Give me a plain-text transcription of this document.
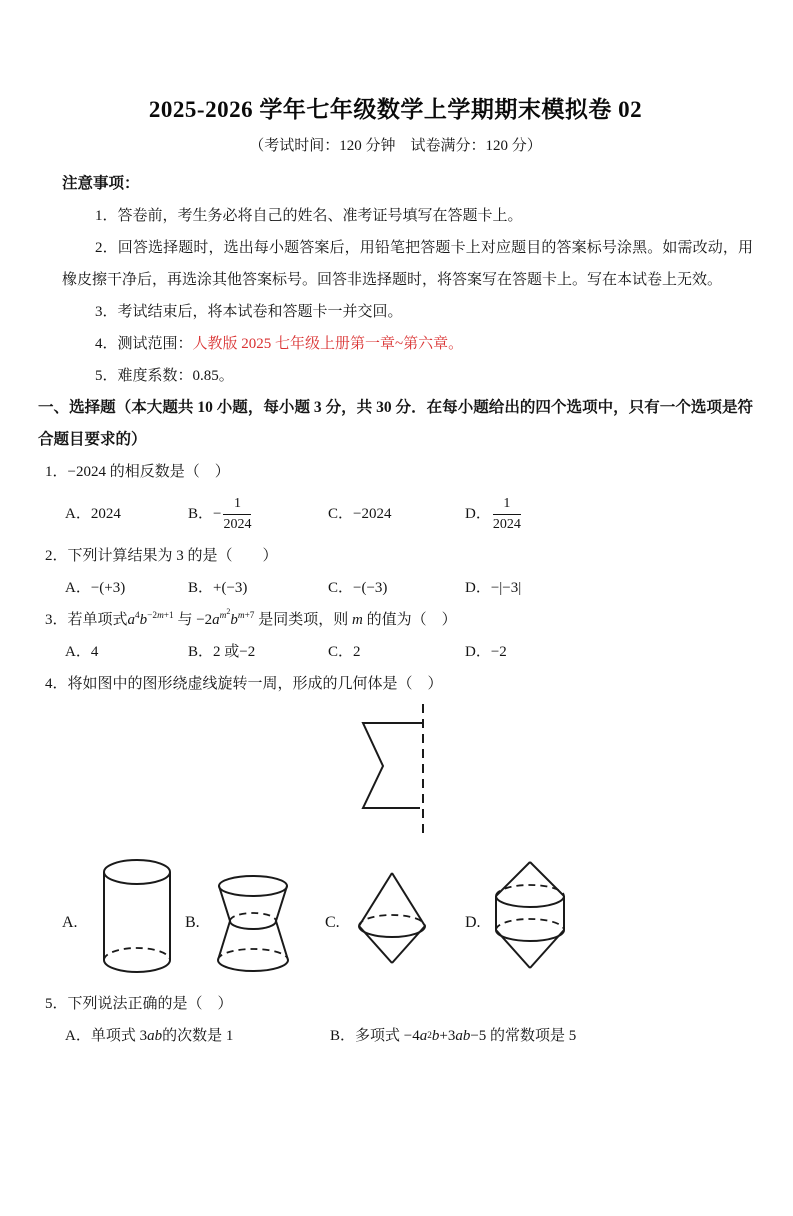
2025-2026 学年七年级数学上学期期末模拟卷 02
（考试时间：120 分钟　试卷满分：120 分）
注意事项：

1．答卷前，考生务必将自己的姓名、准考证号填写在答题卡上。

2．回答选择题时，选出每小题答案后，用铅笔把答题卡上对应题目的答案标号涂黑。如需改动，用橡皮擦干净后，再选涂其他答案标号。回答非选择题时，将答案写在答题卡上。写在本试卷上无效。

3．考试结束后，将本试卷和答题卡一并交回。

4．测试范围：人教版 2025 七年级上册第一章~第六章。

5．难度系数：0.85。

一、选择题（本大题共 10 小题，每小题 3 分，共 30 分．在每小题给出的四个选项中，只有一个选项是符合题目要求的）

1．−2024 的相反数是（　）

A． 2024	B． − $\frac{1}{2024}$	C． −2024	D． $\frac{1}{2024}$

2．下列计算结果为 3 的是（　　）

A． −(+3)	B． +(−3)	C． −(−3)	D． −|−3|

3．若单项式$a^4b^{-2m+1}$ 与 $-2a^{m^2}b^{m+7}$ 是同类项，则 m 的值为（　）

A． 4	B． 2 或−2	C． 2	D． −2

4．将如图中的图形绕虚线旋转一周，形成的几何体是（　）

A.	B.	C.	D.

5．下列说法正确的是（　）

A．单项式 3 ab 的次数是 1	B．多项式 −4 a 2 b +3 ab −5 的常数项是 5
